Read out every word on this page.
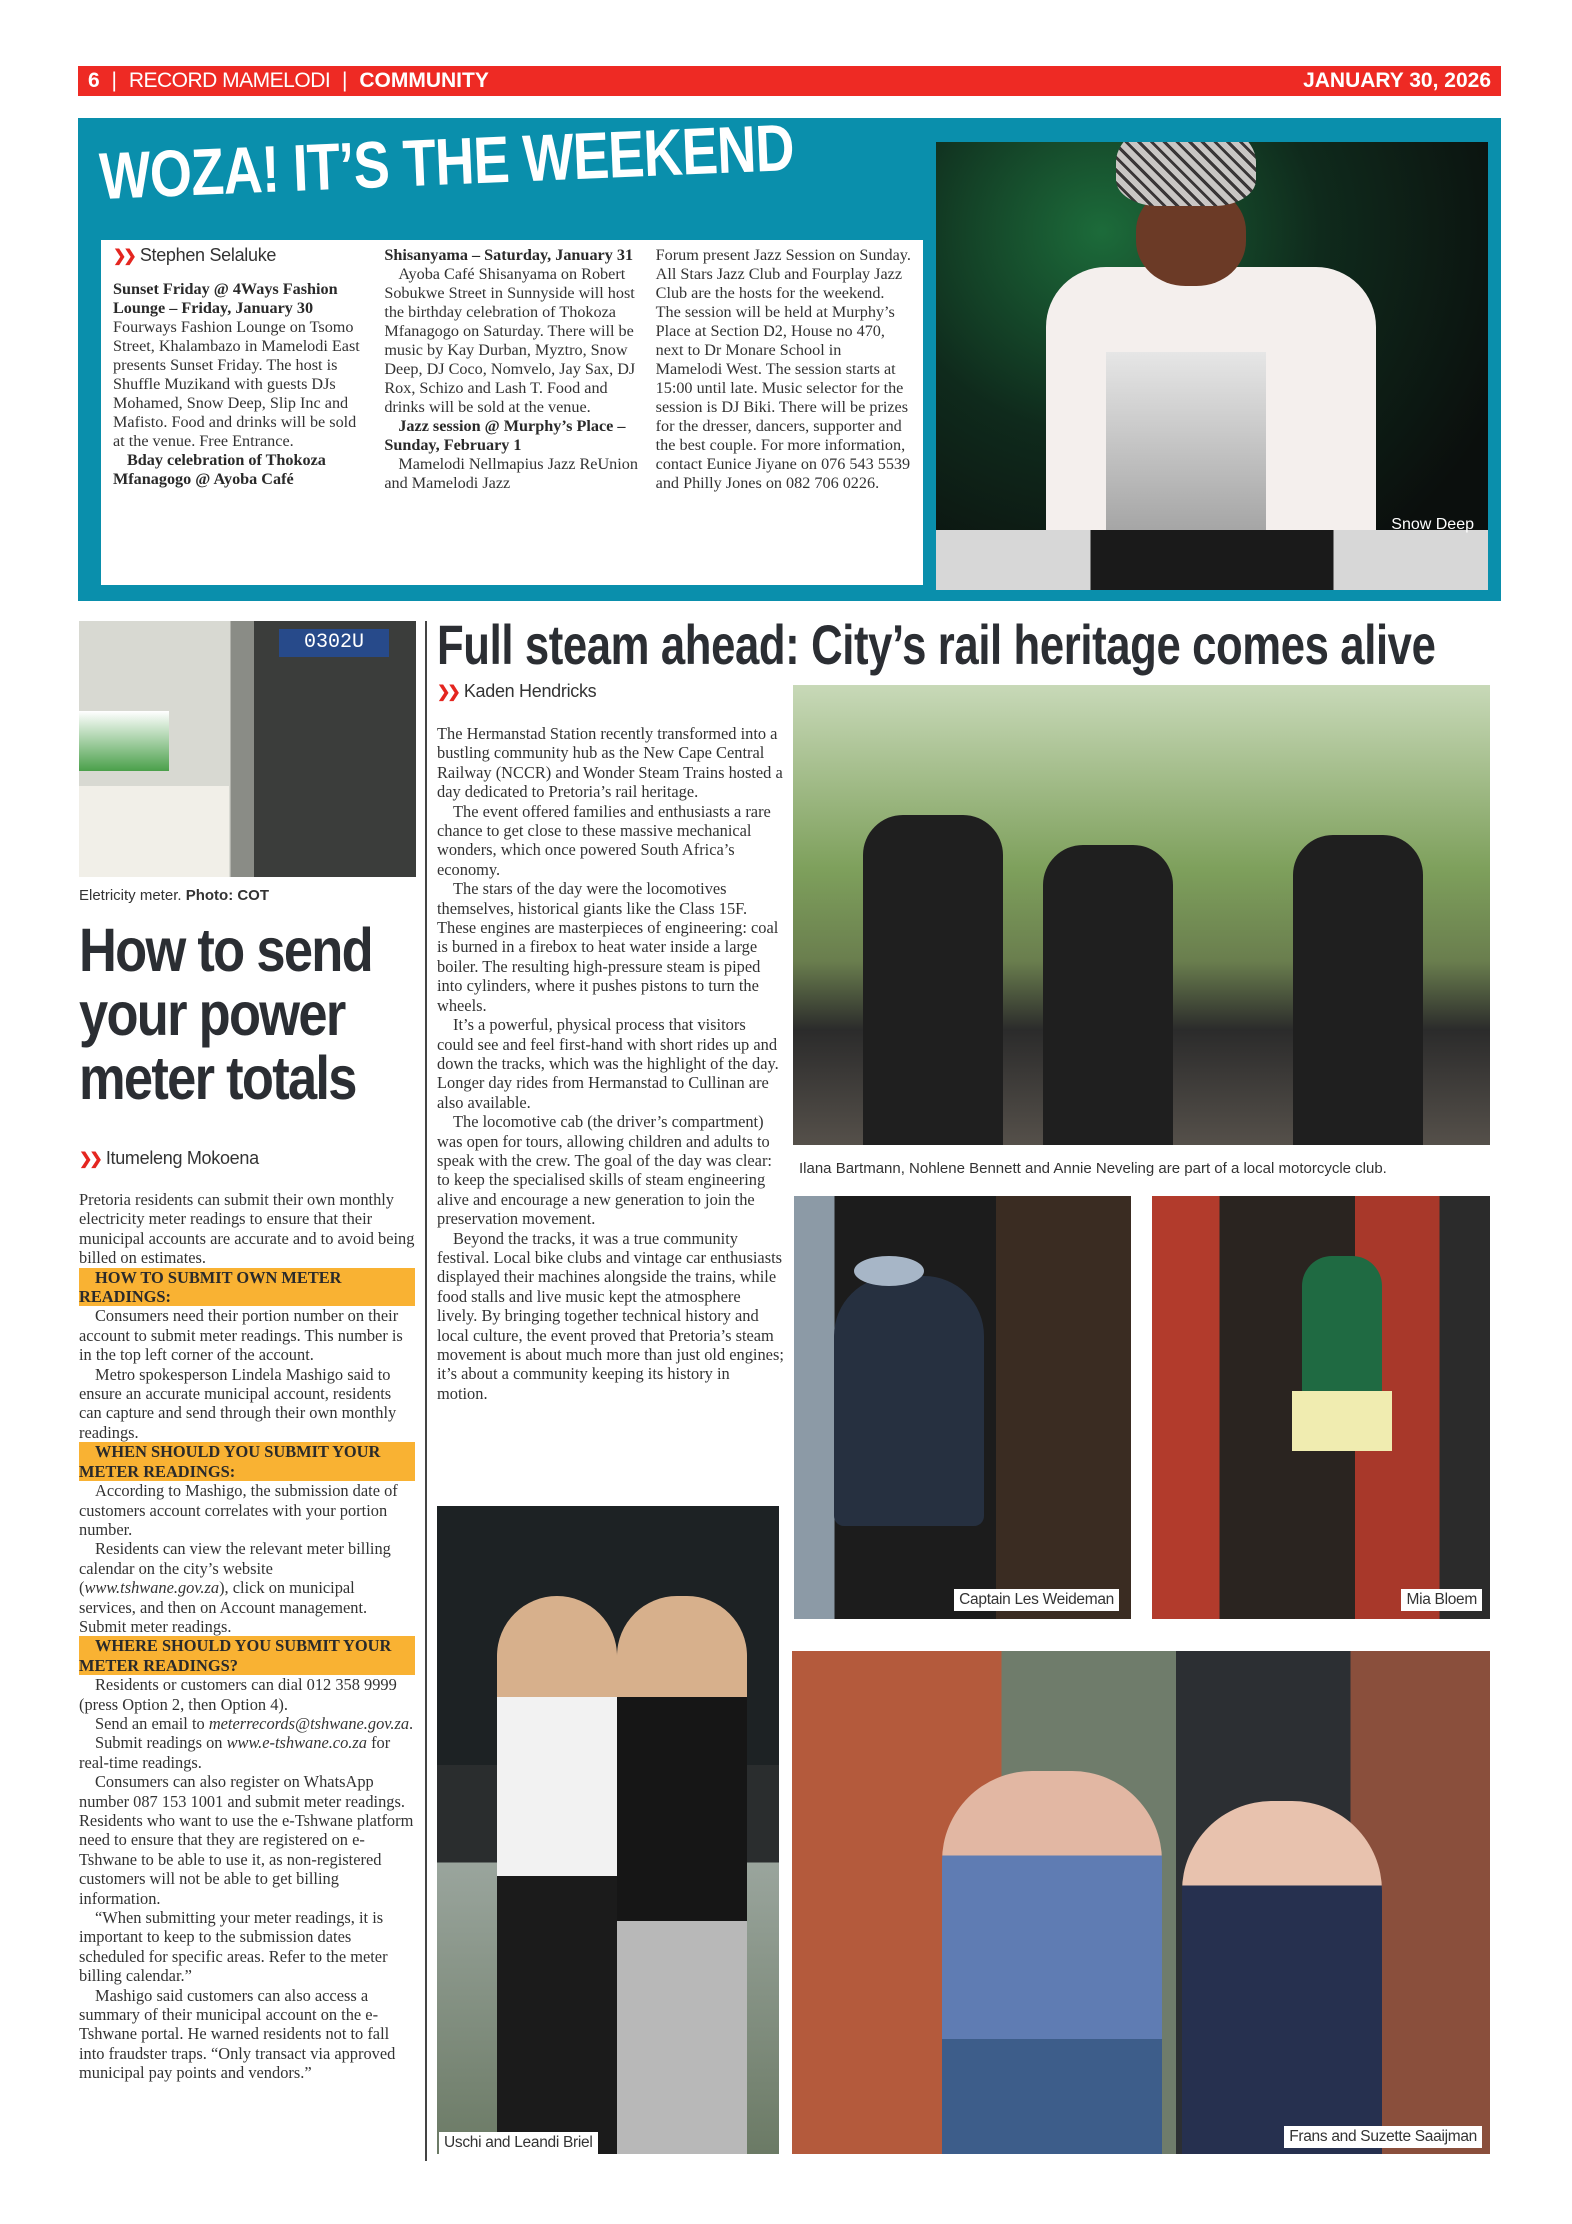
6 | RECORD MAMELODI | COMMUNITY	JANUARY 30, 2026
WOZA! IT’S THE WEEKEND
❯❯ Stephen Selaluke

Sunset Friday @ 4Ways Fashion Lounge – Friday, January 30

Fourways Fashion Lounge on Tsomo Street, Khalambazo in Mamelodi East presents Sunset Friday. The host is Shuffle Muzikand with guests DJs Mohamed, Snow Deep, Slip Inc and Mafisto. Food and drinks will be sold at the venue. Free Entrance.

Bday celebration of Thokoza Mfanagogo @ Ayoba Café

Shisanyama – Saturday, January 31

Ayoba Café Shisanyama on Robert Sobukwe Street in Sunnyside will host the birthday celebration of Thokoza Mfanagogo on Saturday. There will be music by Kay Durban, Myztro, Snow Deep, DJ Coco, Nomvelo, Jay Sax, DJ Rox, Schizo and Lash T. Food and drinks will be sold at the venue.

Jazz session @ Murphy’s Place – Sunday, February 1

Mamelodi Nellmapius Jazz ReUnion and Mamelodi Jazz

Forum present Jazz Session on Sunday. All Stars Jazz Club and Fourplay Jazz Club are the hosts for the weekend. The session will be held at Murphy’s Place at Section D2, House no 470, next to Dr Monare School in Mamelodi West. The session starts at 15:00 until late. Music selector for the session is DJ Biki. There will be prizes for the dresser, dancers, supporter and the best couple. For more information, contact Eunice Jiyane on 076 543 5539 and Philly Jones on 082 706 0226.

Snow Deep
0302U
Eletricity meter. Photo: COT
How to send your power meter totals
❯❯ Itumeleng Mokoena

Pretoria residents can submit their own monthly electricity meter readings to ensure that their municipal accounts are accurate and to avoid being billed on estimates.

HOW TO SUBMIT OWN METER READINGS:

Consumers need their portion number on their account to submit meter readings. This number is in the top left corner of the account.

Metro spokesperson Lindela Mashigo said to ensure an accurate municipal account, residents can capture and send through their own monthly readings.

WHEN SHOULD YOU SUBMIT YOUR METER READINGS:

According to Mashigo, the submission date of customers account correlates with your portion number.

Residents can view the relevant meter billing calendar on the city’s website (www.tshwane.gov.za), click on municipal services, and then on Account management. Submit meter readings.

WHERE SHOULD YOU SUBMIT YOUR METER READINGS?

Residents or customers can dial 012 358 9999 (press Option 2, then Option 4).

Send an email to meterrecords@tshwane.gov.za.

Submit readings on www.e-tshwane.co.za for real-time readings.

Consumers can also register on WhatsApp number 087 153 1001 and submit meter readings. Residents who want to use the e-Tshwane platform need to ensure that they are registered on e-Tshwane to be able to use it, as non-registered customers will not be able to get billing information.

“When submitting your meter readings, it is important to keep to the submission dates scheduled for specific areas. Refer to the meter billing calendar.”

Mashigo said customers can also access a summary of their municipal account on the e-Tshwane portal. He warned residents not to fall into fraudster traps. “Only transact via approved municipal pay points and vendors.”

Full steam ahead: City’s rail heritage comes alive
❯❯ Kaden Hendricks

The Hermanstad Station recently transformed into a bustling community hub as the New Cape Central Railway (NCCR) and Wonder Steam Trains hosted a day dedicated to Pretoria’s rail heritage.

The event offered families and enthusiasts a rare chance to get close to these massive mechanical wonders, which once powered South Africa’s economy.

The stars of the day were the locomotives themselves, historical giants like the Class 15F. These engines are masterpieces of engineering: coal is burned in a firebox to heat water inside a large boiler. The resulting high-pressure steam is piped into cylinders, where it pushes pistons to turn the wheels.

It’s a powerful, physical process that visitors could see and feel first-hand with short rides up and down the tracks, which was the highlight of the day. Longer day rides from Hermanstad to Cullinan are also available.

The locomotive cab (the driver’s compartment) was open for tours, allowing children and adults to speak with the crew. The goal of the day was clear: to keep the specialised skills of steam engineering alive and encourage a new generation to join the preservation movement.

Beyond the tracks, it was a true community festival. Local bike clubs and vintage car enthusiasts displayed their machines alongside the trains, while food stalls and live music kept the atmosphere lively. By bringing together technical history and local culture, the event proved that Pretoria’s steam movement is about much more than just old engines; it’s about a community keeping its history in motion.

Ilana Bartmann, Nohlene Bennett and Annie Neveling are part of a local motorcycle club.
Captain Les Weideman	Mia Bloem
Uschi and Leandi Briel	Frans and Suzette Saaijman
